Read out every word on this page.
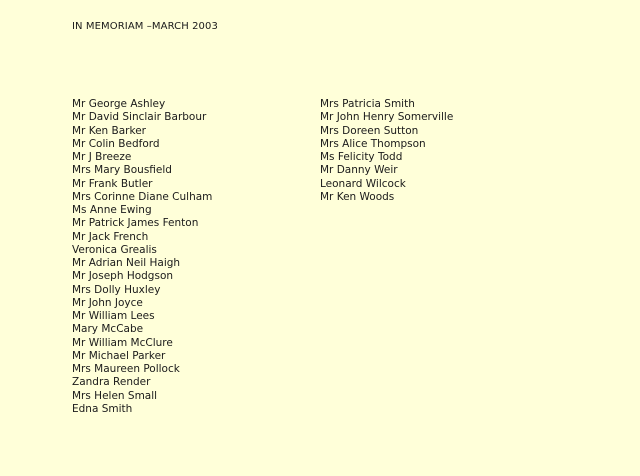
IN MEMORIAM –MARCH 2003
Mr George Ashley
Mr David Sinclair Barbour
Mr Ken Barker
Mr Colin Bedford
Mr J Breeze
Mrs Mary Bousfield
Mr Frank Butler
Mrs Corinne Diane Culham
Ms Anne Ewing
Mr Patrick James Fenton
Mr Jack French
Veronica Grealis
Mr Adrian Neil Haigh
Mr Joseph Hodgson
Mrs Dolly Huxley
Mr John Joyce
Mr William Lees
Mary McCabe
Mr William McClure
Mr Michael Parker
Mrs Maureen Pollock
Zandra Render
Mrs Helen Small
Edna Smith
Mrs Patricia Smith
Mr John Henry Somerville
Mrs Doreen Sutton
Mrs Alice Thompson
Ms Felicity Todd
Mr Danny Weir
Leonard Wilcock
Mr Ken Woods
